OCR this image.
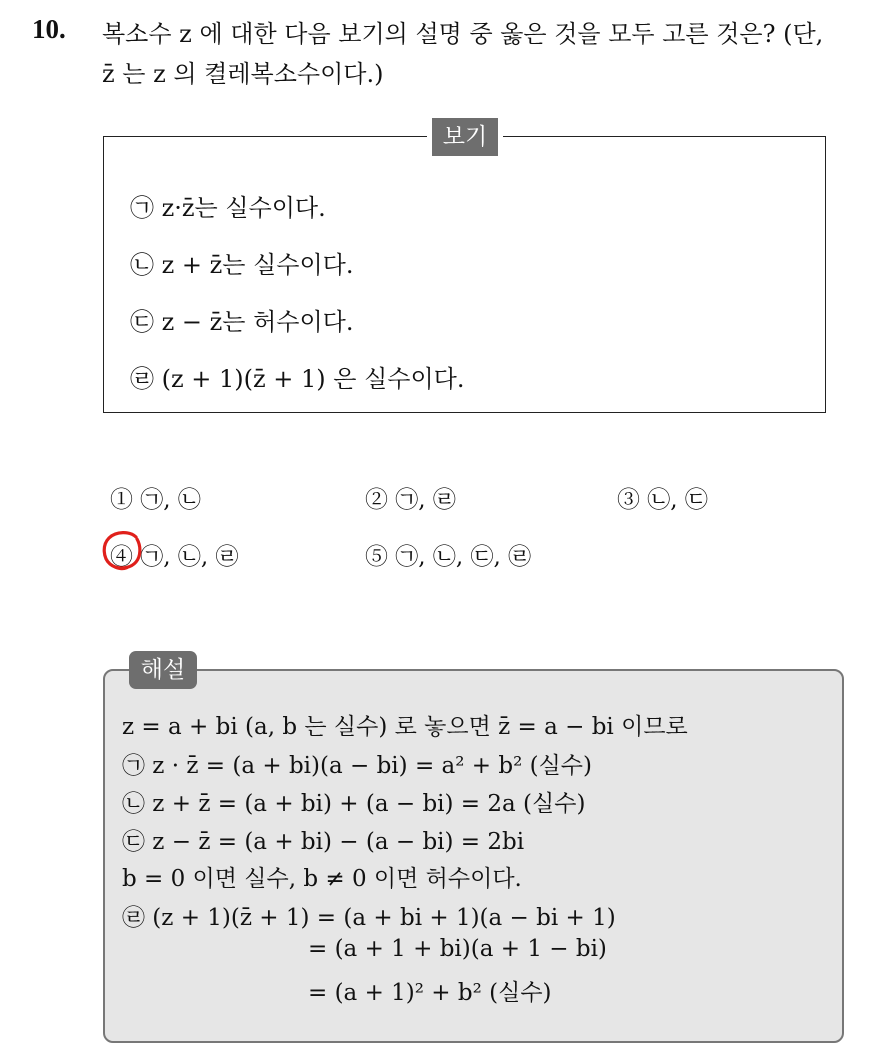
10. 복소수 z 에 대한 다음 보기의 설명 중 옳은 것을 모두 고른 것은? (단,
z̄ 는 z 의 켤레복소수이다.)
보기
㉠ z·z̄는 실수이다.
㉡ z + z̄는 실수이다.
㉢ z − z̄는 허수이다.
㉣ (z + 1)(z̄ + 1) 은 실수이다.
① ㉠, ㉡	② ㉠, ㉣	③ ㉡, ㉢
④ ㉠, ㉡, ㉣	⑤ ㉠, ㉡, ㉢, ㉣
해설
z = a + bi (a, b 는 실수) 로 놓으면 z̄ = a − bi 이므로
㉠ z · z̄ = (a + bi)(a − bi) = a² + b² (실수)
㉡ z + z̄ = (a + bi) + (a − bi) = 2a (실수)
㉢ z − z̄ = (a + bi) − (a − bi) = 2bi
b = 0 이면 실수, b ≠ 0 이면 허수이다.
㉣ (z + 1)(z̄ + 1) = (a + bi + 1)(a − bi + 1)
= (a + 1 + bi)(a + 1 − bi)
= (a + 1)² + b² (실수)
